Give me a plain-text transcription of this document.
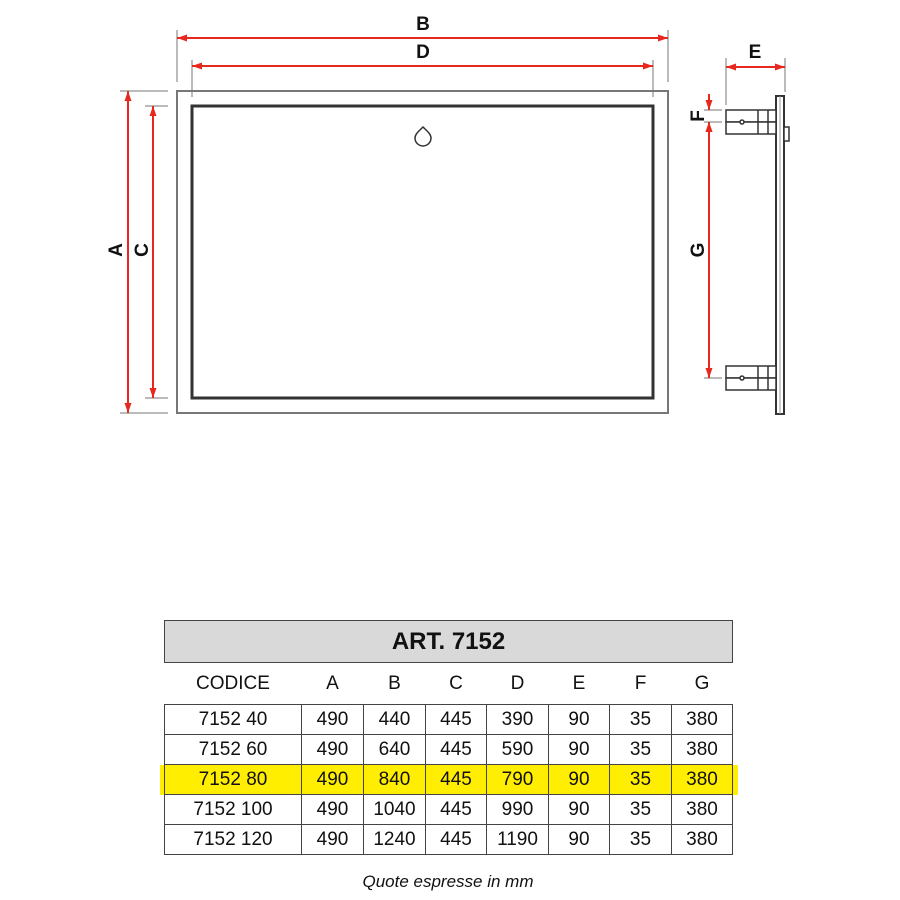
B
D	E
A C
F
G
ART. 7152							
CODICE	A	B	C	D	E	F	G
7152 40	490	440	445	390	90	35	380
7152 60	490	640	445	590	90	35	380
7152 80	490	840	445	790	90	35	380
7152 100	490	1040	445	990	90	35	380
7152 120	490	1240	445	1190	90	35	380
Quote espresse in mm
